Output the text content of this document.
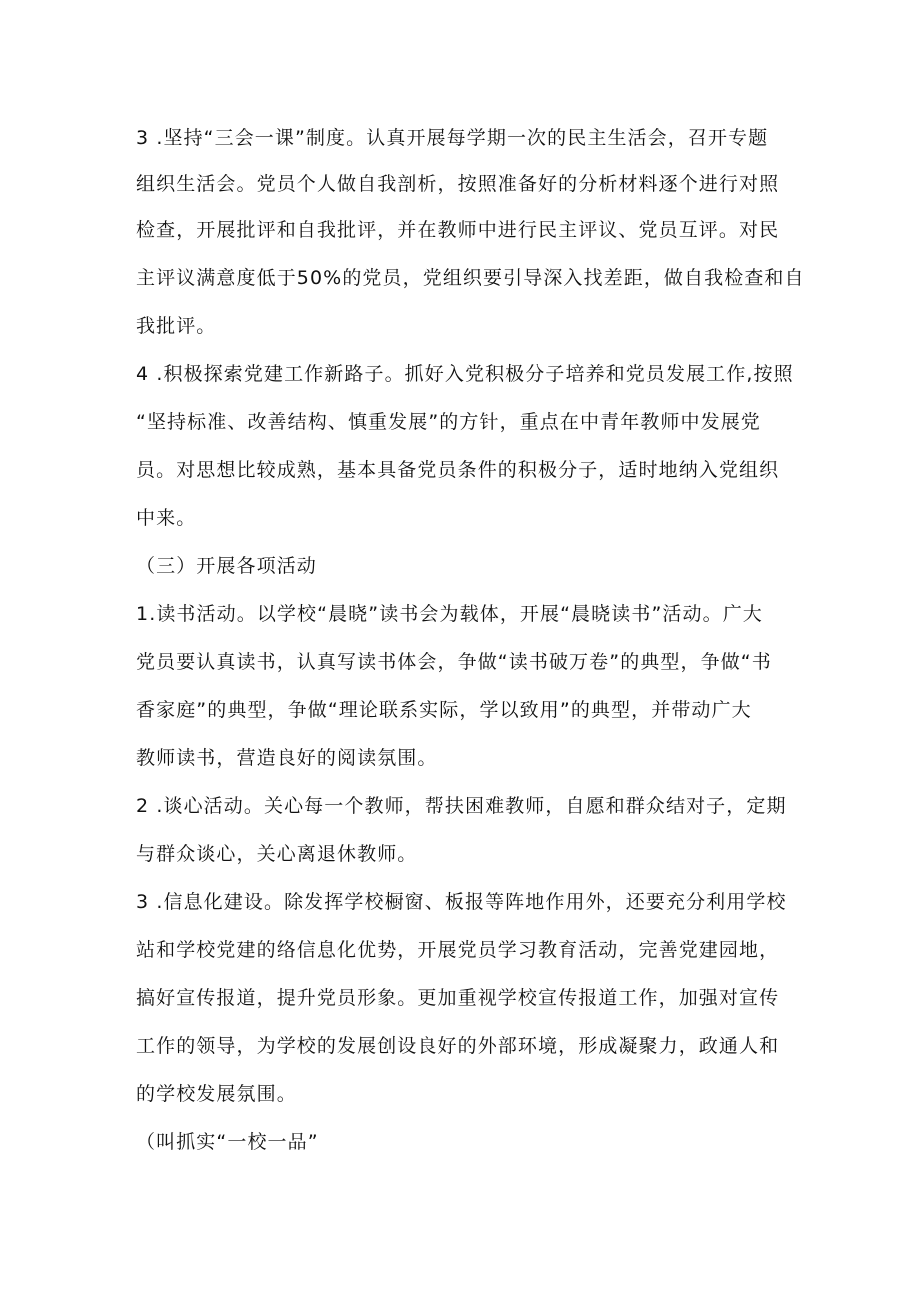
3 .坚持“三会一课”制度。认真开展每学期一次的民主生活会，召开专题
组织生活会。党员个人做自我剖析，按照准备好的分析材料逐个进行对照
检查，开展批评和自我批评，并在教师中进行民主评议、党员互评。对民
主评议满意度低于50%的党员，党组织要引导深入找差距，做自我检查和自
我批评。
4 .积极探索党建工作新路子。抓好入党积极分子培养和党员发展工作,按照
“坚持标准、改善结构、慎重发展”的方针，重点在中青年教师中发展党
员。对思想比较成熟，基本具备党员条件的积极分子，适时地纳入党组织
中来。
（三）开展各项活动
1.读书活动。以学校“晨晓”读书会为载体，开展“晨晓读书”活动。广大
党员要认真读书，认真写读书体会，争做“读书破万卷”的典型，争做“书
香家庭”的典型，争做“理论联系实际，学以致用”的典型，并带动广大
教师读书，营造良好的阅读氛围。
2 .谈心活动。关心每一个教师，帮扶困难教师，自愿和群众结对子，定期
与群众谈心，关心离退休教师。
3 .信息化建设。除发挥学校橱窗、板报等阵地作用外，还要充分利用学校
站和学校党建的络信息化优势，开展党员学习教育活动，完善党建园地，
搞好宣传报道，提升党员形象。更加重视学校宣传报道工作，加强对宣传
工作的领导，为学校的发展创设良好的外部环境，形成凝聚力，政通人和
的学校发展氛围。
（叫抓实“一校一品”
